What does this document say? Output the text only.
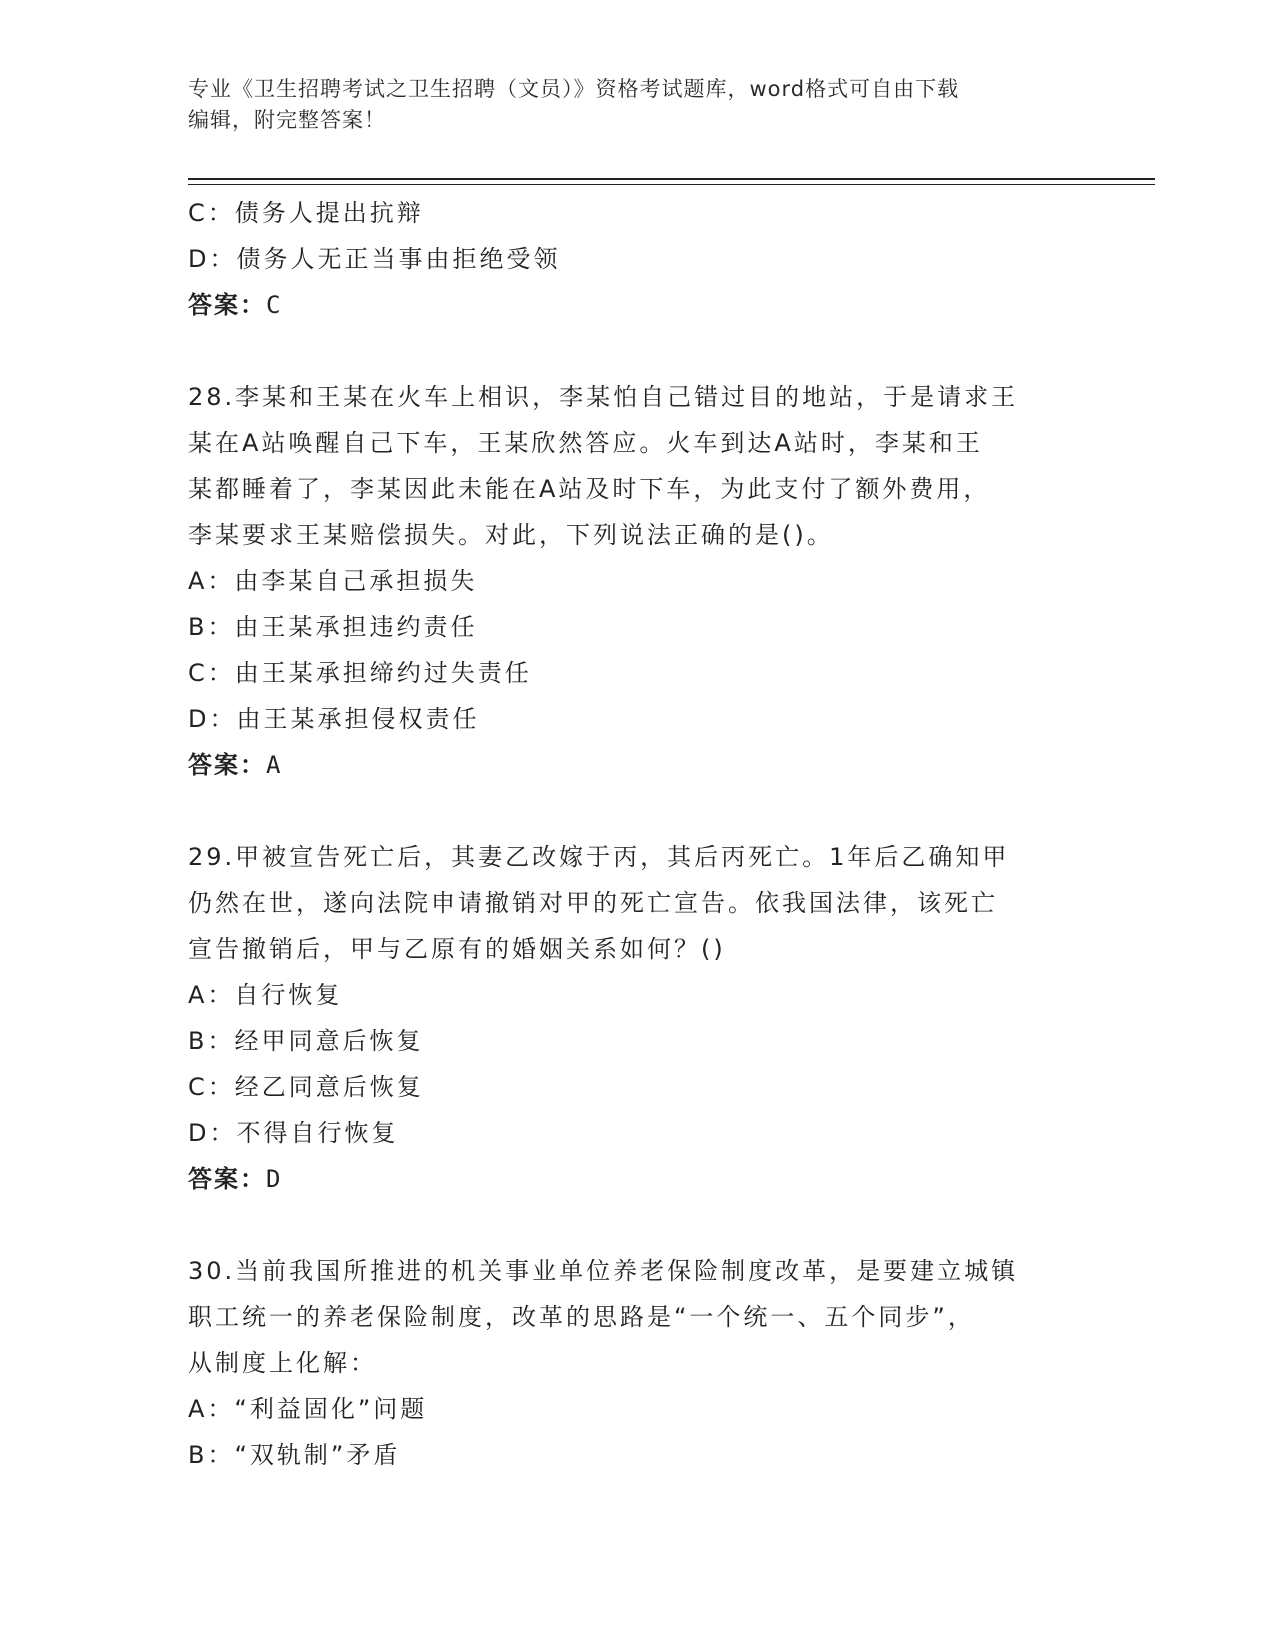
专业《卫生招聘考试之卫生招聘（文员）》资格考试题库，word格式可自由下载
编辑，附完整答案！
C：债务人提出抗辩
D：债务人无正当事由拒绝受领
答案：C
28.李某和王某在火车上相识，李某怕自己错过目的地站，于是请求王
某在A站唤醒自己下车，王某欣然答应。火车到达A站时，李某和王
某都睡着了，李某因此未能在A站及时下车，为此支付了额外费用，
李某要求王某赔偿损失。对此，下列说法正确的是()。
A：由李某自己承担损失
B：由王某承担违约责任
C：由王某承担缔约过失责任
D：由王某承担侵权责任
答案：A
29.甲被宣告死亡后，其妻乙改嫁于丙，其后丙死亡。1年后乙确知甲
仍然在世，遂向法院申请撤销对甲的死亡宣告。依我国法律，该死亡
宣告撤销后，甲与乙原有的婚姻关系如何？()
A：自行恢复
B：经甲同意后恢复
C：经乙同意后恢复
D：不得自行恢复
答案：D
30.当前我国所推进的机关事业单位养老保险制度改革，是要建立城镇
职工统一的养老保险制度，改革的思路是“一个统一、五个同步”，
从制度上化解：
A：“利益固化”问题
B：“双轨制”矛盾
